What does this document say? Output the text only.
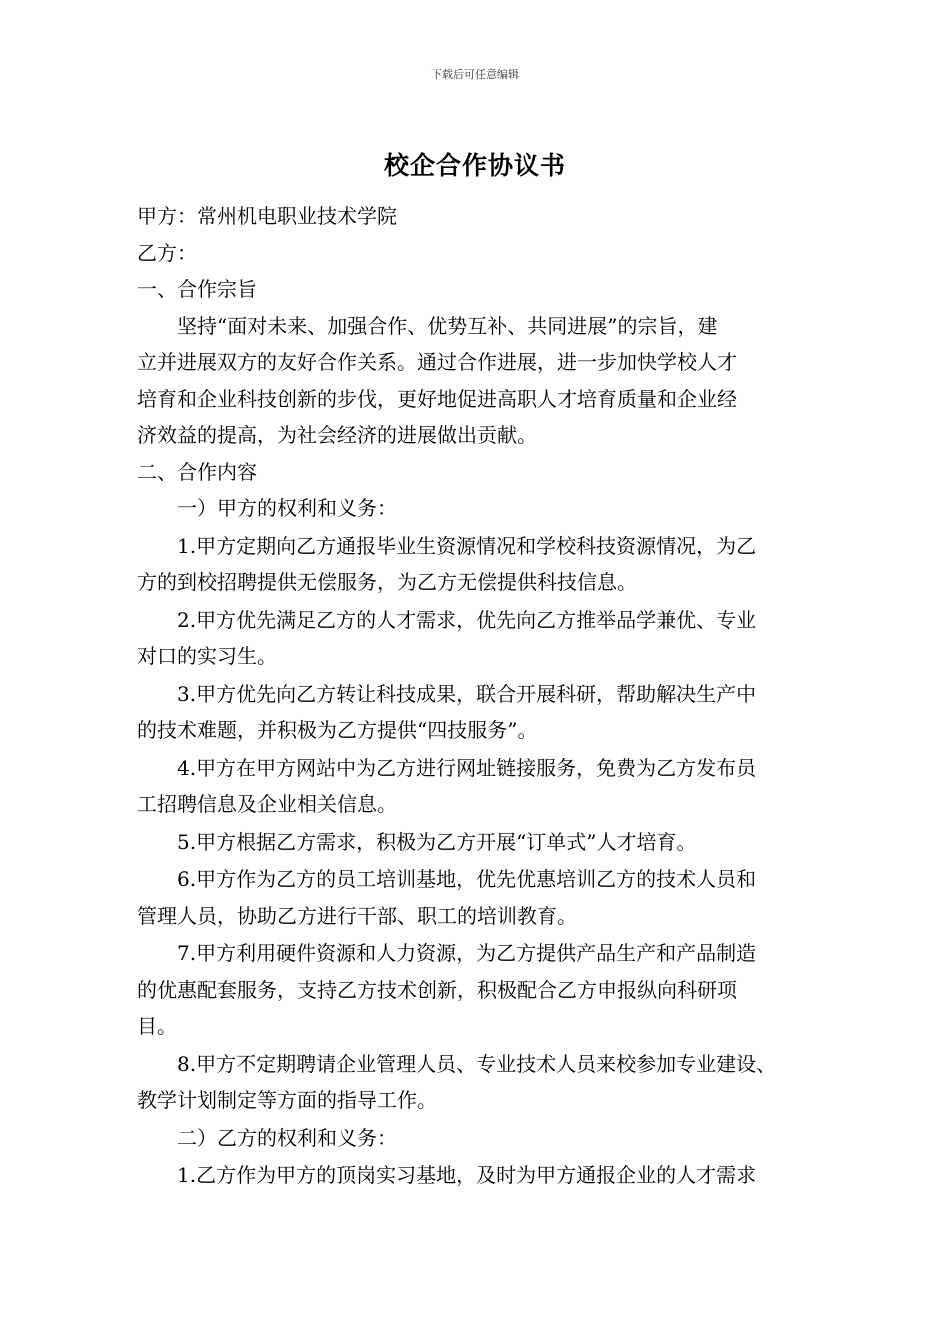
下载后可任意编辑
校企合作协议书
甲方：常州机电职业技术学院
乙方：
一、合作宗旨
坚持“面对未来、加强合作、优势互补、共同进展”的宗旨，建
立并进展双方的友好合作关系。通过合作进展，进一步加快学校人才
培育和企业科技创新的步伐，更好地促进高职人才培育质量和企业经
济效益的提高，为社会经济的进展做出贡献。
二、合作内容
一）甲方的权利和义务：
1.甲方定期向乙方通报毕业生资源情况和学校科技资源情况，为乙
方的到校招聘提供无偿服务，为乙方无偿提供科技信息。
2.甲方优先满足乙方的人才需求，优先向乙方推举品学兼优、专业
对口的实习生。
3.甲方优先向乙方转让科技成果，联合开展科研，帮助解决生产中
的技术难题，并积极为乙方提供“四技服务”。
4.甲方在甲方网站中为乙方进行网址链接服务，免费为乙方发布员
工招聘信息及企业相关信息。
5.甲方根据乙方需求，积极为乙方开展“订单式”人才培育。
6.甲方作为乙方的员工培训基地，优先优惠培训乙方的技术人员和
管理人员，协助乙方进行干部、职工的培训教育。
7.甲方利用硬件资源和人力资源，为乙方提供产品生产和产品制造
的优惠配套服务，支持乙方技术创新，积极配合乙方申报纵向科研项
目。
8.甲方不定期聘请企业管理人员、专业技术人员来校参加专业建设、
教学计划制定等方面的指导工作。
二）乙方的权利和义务：
1.乙方作为甲方的顶岗实习基地，及时为甲方通报企业的人才需求
